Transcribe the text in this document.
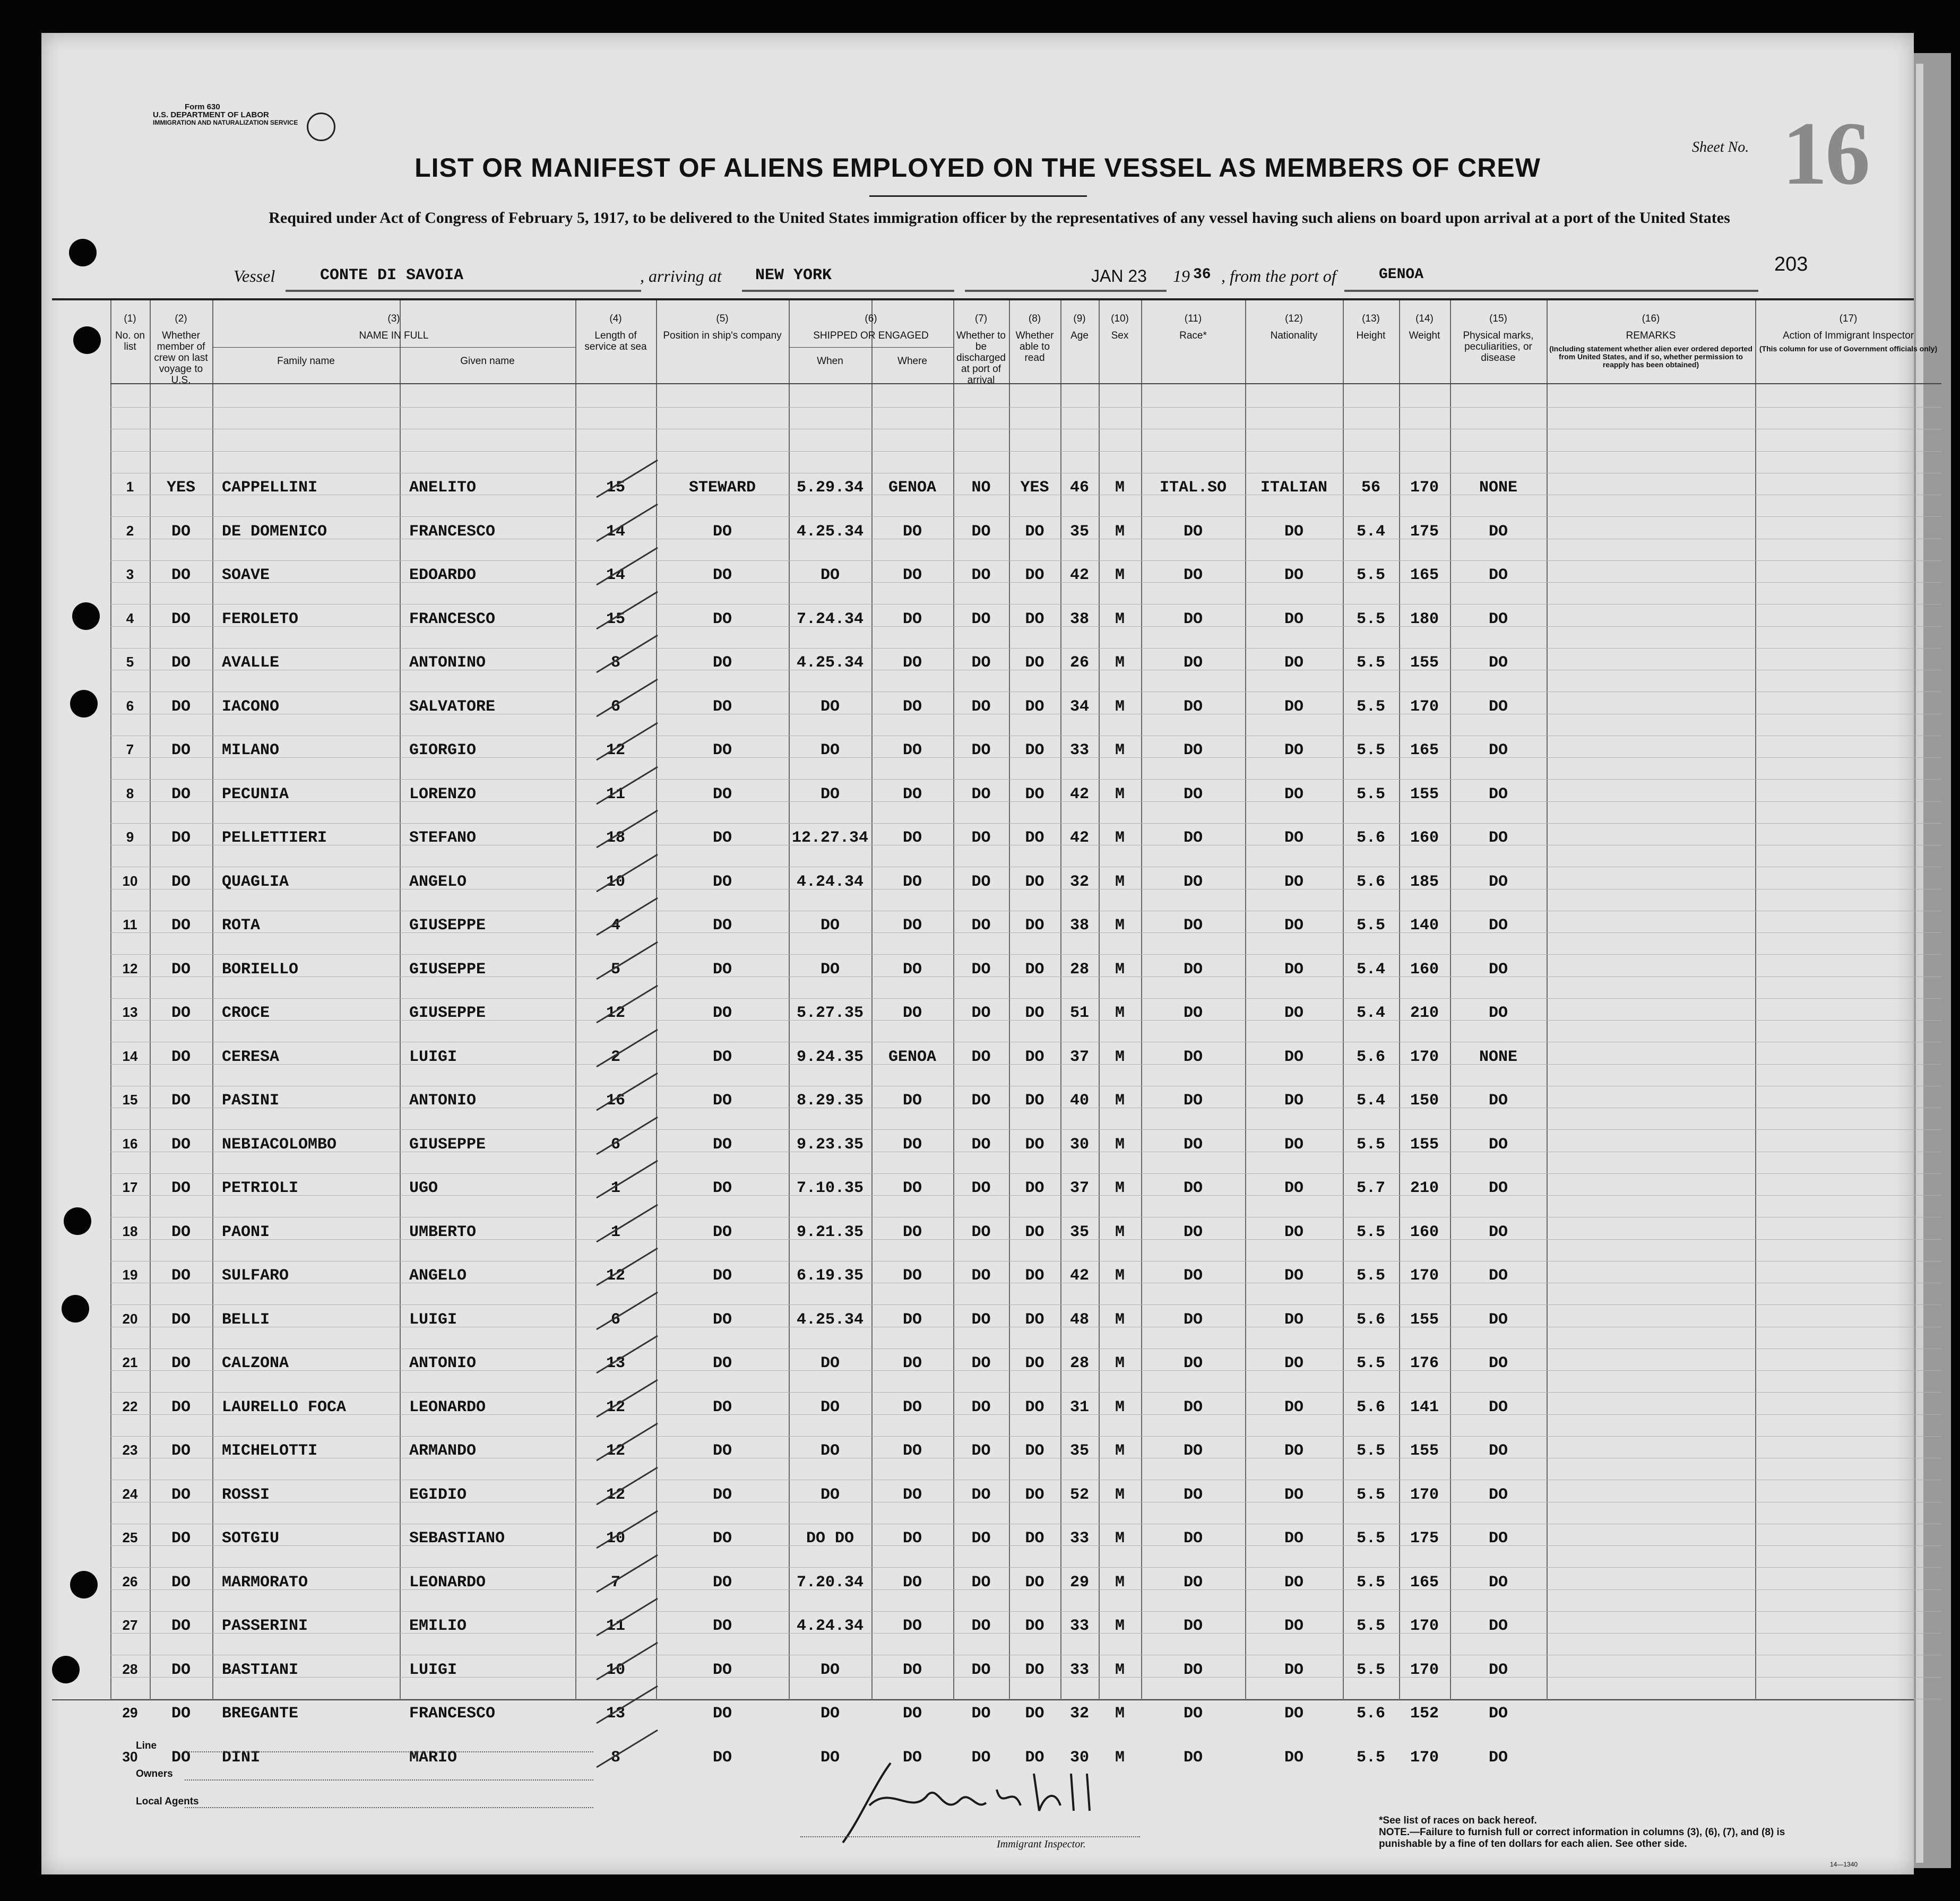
Form 630
U.S. DEPARTMENT OF LABOR
IMMIGRATION AND NATURALIZATION SERVICE
Sheet No. 16
LIST OR MANIFEST OF ALIENS EMPLOYED ON THE VESSEL AS MEMBERS OF CREW
Required under Act of Congress of February 5, 1917, to be delivered to the United States immigration officer by the representatives of any vessel having such aliens on board upon arrival at a port of the United States
Vessel	CONTE DI SAVOIA	, arriving at NEW YORK	JAN 23 19 36 , from the port of	GENOA	203
(1)
No. on list
(2)
Whether member of crew on last voyage to U.S.
(3)
NAME IN FULL
Family name	Given name
(4)
Length of service at sea
(5)
Position in ship's company
(6)
SHIPPED OR ENGAGED
When	Where
(7)
Whether to be discharged at port of arrival
(8)
Whether able to read
(9)
Age
(10)
Sex
(11)
Race*
(12)
Nationality
(13)
Height
(14)
Weight
(15)
Physical marks, peculiarities, or disease
(16)
REMARKS
(Including statement whether alien ever ordered deported from United States, and if so, whether permission to reapply has been obtained)
(17)
Action of Immigrant Inspector
(This column for use of Government officials only)
1	YES	CAPPELLINI	ANELITO	15	STEWARD	5.29.34	GENOA	NO	YES	46	M	ITAL.SO	ITALIAN	56	170	NONE
2	DO	DE DOMENICO	FRANCESCO	14	DO	4.25.34	DO	DO	DO	35	M	DO	DO	5.4	175	DO
3	DO	SOAVE	EDOARDO	14	DO	DO	DO	DO	DO	42	M	DO	DO	5.5	165	DO
4	DO	FEROLETO	FRANCESCO	15	DO	7.24.34	DO	DO	DO	38	M	DO	DO	5.5	180	DO
5	DO	AVALLE	ANTONINO	8	DO	4.25.34	DO	DO	DO	26	M	DO	DO	5.5	155	DO
6	DO	IACONO	SALVATORE	6	DO	DO	DO	DO	DO	34	M	DO	DO	5.5	170	DO
7	DO	MILANO	GIORGIO	12	DO	DO	DO	DO	DO	33	M	DO	DO	5.5	165	DO
8	DO	PECUNIA	LORENZO	11	DO	DO	DO	DO	DO	42	M	DO	DO	5.5	155	DO
9	DO	PELLETTIERI	STEFANO	18	DO	12.27.34	DO	DO	DO	42	M	DO	DO	5.6	160	DO
10	DO	QUAGLIA	ANGELO	10	DO	4.24.34	DO	DO	DO	32	M	DO	DO	5.6	185	DO
11	DO	ROTA	GIUSEPPE	4	DO	DO	DO	DO	DO	38	M	DO	DO	5.5	140	DO
12	DO	BORIELLO	GIUSEPPE	5	DO	DO	DO	DO	DO	28	M	DO	DO	5.4	160	DO
13	DO	CROCE	GIUSEPPE	12	DO	5.27.35	DO	DO	DO	51	M	DO	DO	5.4	210	DO
14	DO	CERESA	LUIGI	2	DO	9.24.35	GENOA	DO	DO	37	M	DO	DO	5.6	170	NONE
15	DO	PASINI	ANTONIO	16	DO	8.29.35	DO	DO	DO	40	M	DO	DO	5.4	150	DO
16	DO	NEBIACOLOMBO	GIUSEPPE	6	DO	9.23.35	DO	DO	DO	30	M	DO	DO	5.5	155	DO
17	DO	PETRIOLI	UGO	1	DO	7.10.35	DO	DO	DO	37	M	DO	DO	5.7	210	DO
18	DO	PAONI	UMBERTO	1	DO	9.21.35	DO	DO	DO	35	M	DO	DO	5.5	160	DO
19	DO	SULFARO	ANGELO	12	DO	6.19.35	DO	DO	DO	42	M	DO	DO	5.5	170	DO
20	DO	BELLI	LUIGI	6	DO	4.25.34	DO	DO	DO	48	M	DO	DO	5.6	155	DO
21	DO	CALZONA	ANTONIO	13	DO	DO	DO	DO	DO	28	M	DO	DO	5.5	176	DO
22	DO	LAURELLO FOCA	LEONARDO	12	DO	DO	DO	DO	DO	31	M	DO	DO	5.6	141	DO
23	DO	MICHELOTTI	ARMANDO	12	DO	DO	DO	DO	DO	35	M	DO	DO	5.5	155	DO
24	DO	ROSSI	EGIDIO	12	DO	DO	DO	DO	DO	52	M	DO	DO	5.5	170	DO
25	DO	SOTGIU	SEBASTIANO	10	DO	DO DO	DO	DO	DO	33	M	DO	DO	5.5	175	DO
26	DO	MARMORATO	LEONARDO	7	DO	7.20.34	DO	DO	DO	29	M	DO	DO	5.5	165	DO
27	DO	PASSERINI	EMILIO	11	DO	4.24.34	DO	DO	DO	33	M	DO	DO	5.5	170	DO
28	DO	BASTIANI	LUIGI	10	DO	DO	DO	DO	DO	33	M	DO	DO	5.5	170	DO
29	DO	BREGANTE	FRANCESCO	13	DO	DO	DO	DO	DO	32	M	DO	DO	5.6	152	DO
30	DO	DINI	MARIO	8	DO	DO	DO	DO	DO	30	M	DO	DO	5.5	170	DO
Line
Owners
Local Agents
Immigrant Inspector.
*See list of races on back hereof.
NOTE.—Failure to furnish full or correct information in columns (3), (6), (7), and (8) is punishable by a fine of ten dollars for each alien. See other side.
14—1340
